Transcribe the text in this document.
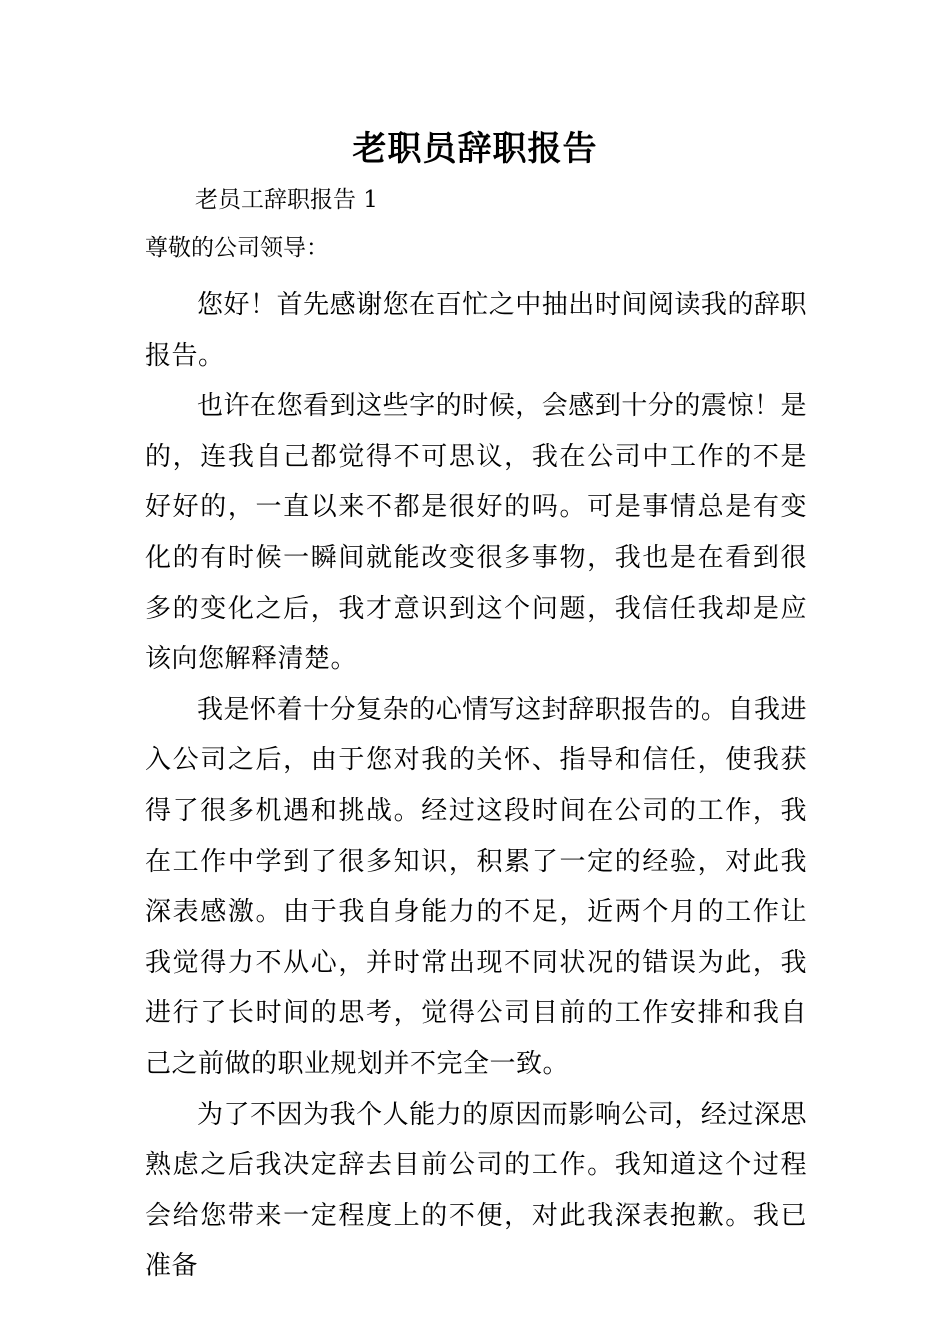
老职员辞职报告
老员工辞职报告 1
尊敬的公司领导：

您好！首先感谢您在百忙之中抽出时间阅读我的辞职报告。

也许在您看到这些字的时候，会感到十分的震惊！是的，连我自己都觉得不可思议，我在公司中工作的不是好好的，一直以来不都是很好的吗。可是事情总是有变化的有时候一瞬间就能改变很多事物，我也是在看到很多的变化之后，我才意识到这个问题，我信任我却是应该向您解释清楚。

我是怀着十分复杂的心情写这封辞职报告的。自我进入公司之后，由于您对我的关怀、指导和信任，使我获得了很多机遇和挑战。经过这段时间在公司的工作，我在工作中学到了很多知识，积累了一定的经验，对此我深表感激。由于我自身能力的不足，近两个月的工作让我觉得力不从心，并时常出现不同状况的错误为此，我进行了长时间的思考，觉得公司目前的工作安排和我自己之前做的职业规划并不完全一致。

为了不因为我个人能力的原因而影响公司，经过深思熟虑之后我决定辞去目前公司的工作。我知道这个过程会给您带来一定程度上的不便，对此我深表抱歉。我已准备
